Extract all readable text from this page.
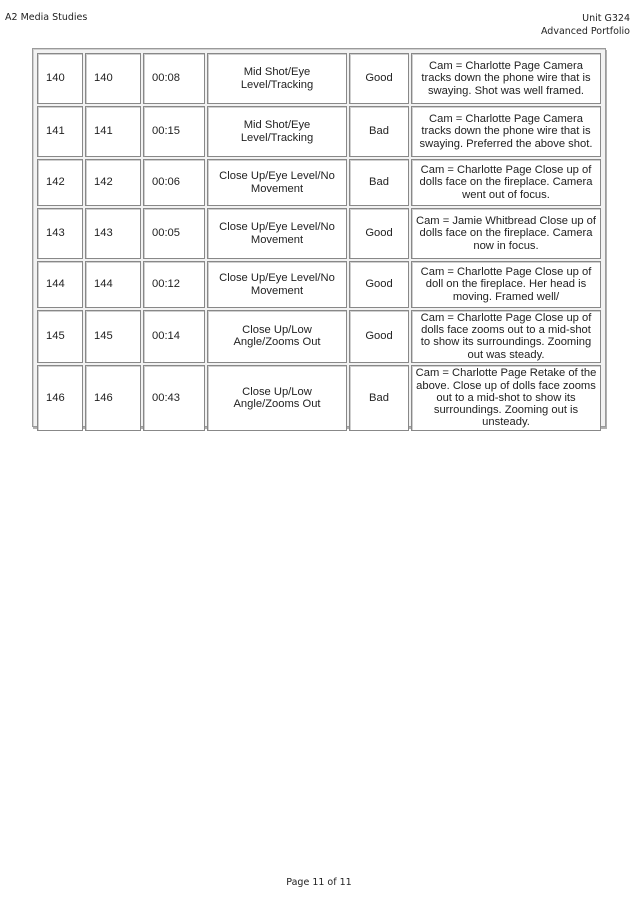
A2 Media Studies	Unit G324
Advanced Portfolio
140	140	00:08	Mid Shot/Eye Level/Tracking	Good	Cam = Charlotte Page Camera tracks down the phone wire that is swaying. Shot was well framed.
141	141	00:15	Mid Shot/Eye Level/Tracking	Bad	Cam = Charlotte Page Camera tracks down the phone wire that is swaying. Preferred the above shot.
142	142	00:06	Close Up/Eye Level/No Movement	Bad	Cam = Charlotte Page Close up of dolls face on the fireplace. Camera went out of focus.
143	143	00:05	Close Up/Eye Level/No Movement	Good	Cam = Jamie Whitbread Close up of dolls face on the fireplace. Camera now in focus.
144	144	00:12	Close Up/Eye Level/No Movement	Good	Cam = Charlotte Page Close up of doll on the fireplace. Her head is moving. Framed well/
145	145	00:14	Close Up/Low Angle/Zooms Out	Good	Cam = Charlotte Page Close up of dolls face zooms out to a mid-shot to show its surroundings. Zooming out was steady.
146	146	00:43	Close Up/Low Angle/Zooms Out	Bad	Cam = Charlotte Page Retake of the above. Close up of dolls face zooms out to a mid-shot to show its surroundings. Zooming out is unsteady.
Page 11 of 11
